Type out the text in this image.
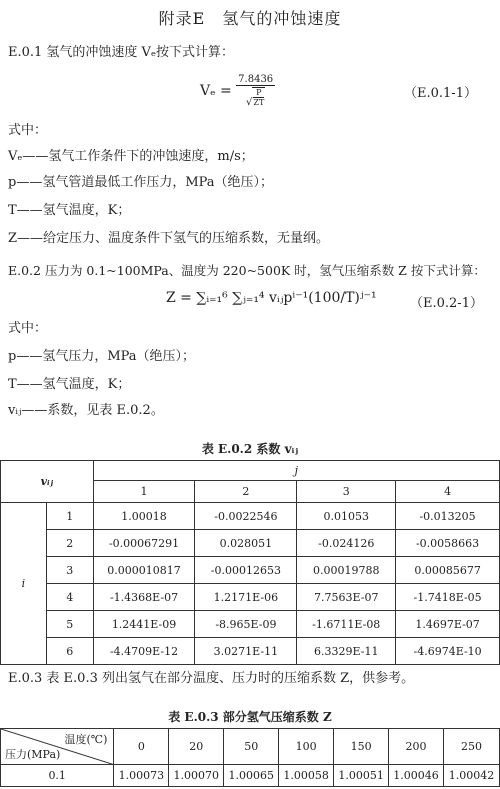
附录E　氢气的冲蚀速度
E.0.1 氢气的冲蚀速度 Vₑ按下式计算：
$V_e = \frac{7.8436}{√ \frac{P}{ZT}}$	（E.0.1-1）
式中：
Vₑ——氢气工作条件下的冲蚀速度，m/s；
p——氢气管道最低工作压力，MPa（绝压）；
T——氢气温度，K；
Z——给定压力、温度条件下氢气的压缩系数，无量纲。
E.0.2 压力为 0.1~100MPa、温度为 220~500K 时，氢气压缩系数 Z 按下式计算：
Z = ∑ᵢ₌₁⁶ ∑ⱼ₌₁⁴ vᵢⱼpⁱ⁻¹(100/T)ʲ⁻¹	（E.0.2-1）
式中：
p——氢气压力，MPa（绝压）；
T——氢气温度，K；
vᵢⱼ——系数，见表 E.0.2。
表 E.0.2 系数 vᵢⱼ
vᵢⱼ		j			
		1	2	3	4
i	1	1.00018	-0.0022546	0.01053	-0.013205
	2	-0.00067291	0.028051	-0.024126	-0.0058663
	3	0.000010817	-0.00012653	0.00019788	0.00085677
	4	-1.4368E-07	1.2171E-06	7.7563E-07	-1.7418E-05
	5	1.2441E-09	-8.965E-09	-1.6711E-08	1.4697E-07
	6	-4.4709E-12	3.0271E-11	6.3329E-11	-4.6974E-10
E.0.3 表 E.0.3 列出氢气在部分温度、压力时的压缩系数 Z，供参考。
表 E.0.3 部分氢气压缩系数 Z
温度(℃)
压力(MPa)	0	20	50	100	150	200	250
0.1	1.00073	1.00070	1.00065	1.00058	1.00051	1.00046	1.00042
